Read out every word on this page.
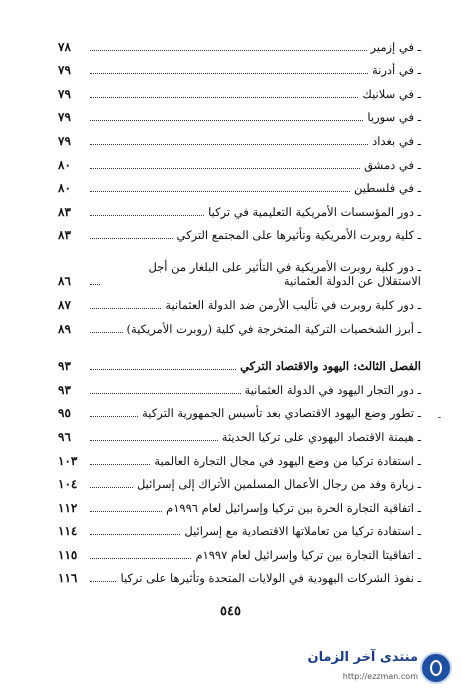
ـ في إزمير
٧٨
ـ في أدرنة
٧٩
ـ في سلانيك
٧٩
ـ في سوريا
٧٩
ـ في بغداد
٧٩
ـ في دمشق
٨٠
ـ في فلسطين
٨٠
ـ دور المؤسسات الأمريكية التعليمية في تركيا
٨٣
ـ كلية روبرت الأمريكية وتأثيرها على المجتمع التركي
٨٣
ـ دور كلية روبرت الأمريكية في التأثير على البلغار من أجل الاستقلال عن الدولة العثمانية
٨٦
ـ دور كلية روبرت في تأليب الأرمن ضد الدولة العثمانية
٨٧
ـ أبرز الشخصيات التركية المتخرجة في كلية (روبرت الأمريكية)
٨٩
الفصل الثالث: اليهود والاقتصاد التركي
٩٣
ـ دور التجار اليهود في الدولة العثمانية
٩٣
ـ تطور وضع اليهود الاقتصادي بعد تأسيس الجمهورية التركية
٩٥
ـ هيمنة الاقتصاد اليهودي على تركيا الحديثة
٩٦
ـ استفادة تركيا من وضع اليهود في مجال التجارة العالمية
١٠٣
ـ زيارة وفد من رجال الأعمال المسلمين الأتراك إلى إسرائيل
١٠٤
ـ اتفاقية التجارة الحرة بين تركيا وإسرائيل لعام ١٩٩٦م
١١٢
ـ استفادة تركيا من تعاملاتها الاقتصادية مع إسرائيل
١١٤
ـ اتفاقيتا التجارة بين تركيا وإسرائيل لعام ١٩٩٧م
١١٥
ـ نفوذ الشركات اليهودية في الولايات المتحدة وتأثيرها على تركيا
١١٦
ـ
٥٤٥
منتدى آخر الزمان
http://ezzman.com
